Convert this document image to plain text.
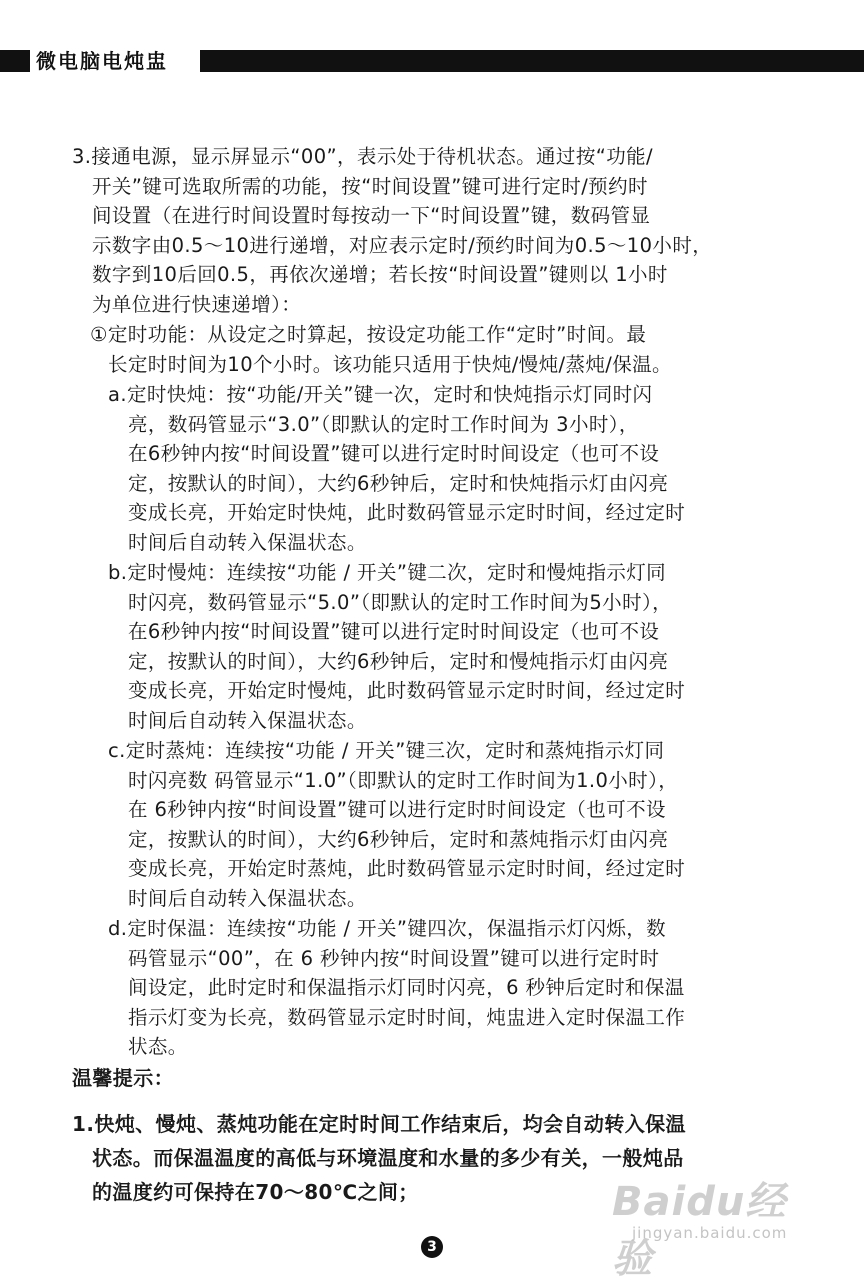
微电脑电炖盅
3.接通电源，显示屏显示“00”，表示处于待机状态。通过按“功能/
开关”键可选取所需的功能，按“时间设置”键可进行定时/预约时
间设置（在进行时间设置时每按动一下“时间设置”键，数码管显
示数字由0.5～10进行递增，对应表示定时/预约时间为0.5～10小时，
数字到10后回0.5，再依次递增；若长按“时间设置”键则以 1小时
为单位进行快速递增）：
①定时功能：从设定之时算起，按设定功能工作“定时”时间。最
长定时时间为10个小时。该功能只适用于快炖/慢炖/蒸炖/保温。
a.定时快炖：按“功能/开关”键一次，定时和快炖指示灯同时闪
亮，数码管显示“3.0”（即默认的定时工作时间为 3小时），
在6秒钟内按“时间设置”键可以进行定时时间设定（也可不设
定，按默认的时间），大约6秒钟后，定时和快炖指示灯由闪亮
变成长亮，开始定时快炖，此时数码管显示定时时间，经过定时
时间后自动转入保温状态。
b.定时慢炖：连续按“功能 / 开关”键二次，定时和慢炖指示灯同
时闪亮，数码管显示“5.0”（即默认的定时工作时间为5小时），
在6秒钟内按“时间设置”键可以进行定时时间设定（也可不设
定，按默认的时间），大约6秒钟后，定时和慢炖指示灯由闪亮
变成长亮，开始定时慢炖，此时数码管显示定时时间，经过定时
时间后自动转入保温状态。
c.定时蒸炖：连续按“功能 / 开关”键三次，定时和蒸炖指示灯同
时闪亮数 码管显示“1.0”（即默认的定时工作时间为1.0小时），
在 6秒钟内按“时间设置”键可以进行定时时间设定（也可不设
定，按默认的时间），大约6秒钟后，定时和蒸炖指示灯由闪亮
变成长亮，开始定时蒸炖，此时数码管显示定时时间，经过定时
时间后自动转入保温状态。
d.定时保温：连续按“功能 / 开关”键四次，保温指示灯闪烁，数
码管显示“00”，在 6 秒钟内按“时间设置”键可以进行定时时
间设定，此时定时和保温指示灯同时闪亮，6 秒钟后定时和保温
指示灯变为长亮，数码管显示定时时间，炖盅进入定时保温工作
状态。
温馨提示：
1.快炖、慢炖、蒸炖功能在定时时间工作结束后，均会自动转入保温
状态。而保温温度的高低与环境温度和水量的多少有关，一般炖品
的温度约可保持在70～80℃之间；
3
Baidu经验
jingyan.baidu.com
